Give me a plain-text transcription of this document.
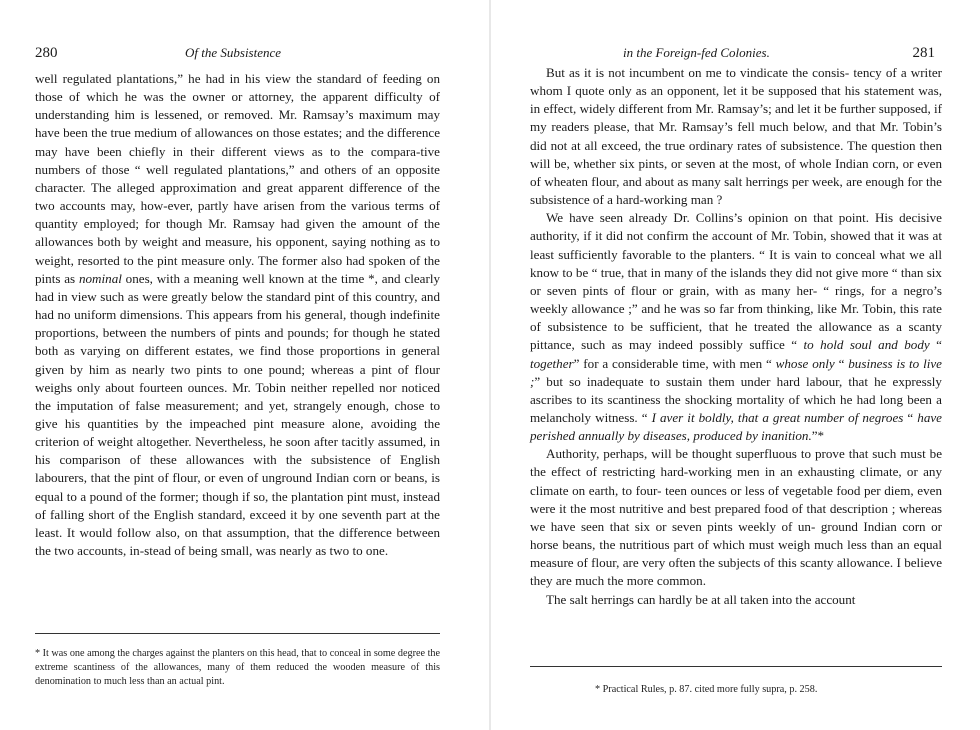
280	Of the Subsistence

well regulated plantations,” he had in his view the standard of feeding on those of which he was the owner or attorney, the apparent difficulty of understanding him is lessened, or removed. Mr. Ramsay’s maximum may have been the true medium of allowances on those estates; and the difference may have been chiefly in their different views as to the compara-tive numbers of those “ well regulated plantations,” and others of an opposite character. The alleged approximation and great apparent difference of the two accounts may, how-ever, partly have arisen from the various terms of quantity employed; for though Mr. Ramsay had given the amount of the allowances both by weight and measure, his opponent, saying nothing as to weight, resorted to the pint measure only. The former also had spoken of the pints as nominal ones, with a meaning well known at the time *, and clearly had in view such as were greatly below the standard pint of this country, and had no uniform dimensions. This appears from his general, though indefinite proportions, between the numbers of pints and pounds; for though he stated both as varying on different estates, we find those proportions in general given by him as nearly two pints to one pound; whereas a pint of flour weighs only about fourteen ounces. Mr. Tobin neither repelled nor noticed the imputation of false measurement; and yet, strangely enough, chose to give his quantities by the impeached pint measure alone, avoiding the criterion of weight altogether. Nevertheless, he soon after tacitly assumed, in his comparison of these allowances with the subsistence of English labourers, that the pint of flour, or even of unground Indian corn or beans, is equal to a pound of the former; though if so, the plantation pint must, instead of falling short of the English standard, exceed it by one seventh part at the least. It would follow also, on that assumption, that the difference between the two accounts, in-stead of being small, was nearly as two to one.

* It was one among the charges against the planters on this head, that to conceal in some degree the extreme scantiness of the allowances, many of them reduced the wooden measure of this denomination to much less than an actual pint.
in the Foreign-fed Colonies.	281

But as it is not incumbent on me to vindicate the consis- tency of a writer whom I quote only as an opponent, let it be supposed that his statement was, in effect, widely different from Mr. Ramsay’s; and let it be further supposed, if my readers please, that Mr. Ramsay’s fell much below, and that Mr. Tobin’s did not at all exceed, the true ordinary rates of subsistence. The question then will be, whether six pints, or seven at the most, of whole Indian corn, or even of wheaten flour, and about as many salt herrings per week, are enough for the subsistence of a hard-working man ?

We have seen already Dr. Collins’s opinion on that point. His decisive authority, if it did not confirm the account of Mr. Tobin, showed that it was at least sufficiently favorable to the planters. “ It is vain to conceal what we all know to be “ true, that in many of the islands they did not give more “ than six or seven pints of flour or grain, with as many her- “ rings, for a negro’s weekly allowance ;” and he was so far from thinking, like Mr. Tobin, this rate of subsistence to be sufficient, that he treated the allowance as a scanty pittance, such as may indeed possibly suffice “ to hold soul and body “ together” for a considerable time, with men “ whose only “ business is to live ;” but so inadequate to sustain them under hard labour, that he expressly ascribes to its scantiness the shocking mortality of which he had long been a melancholy witness. “ I aver it boldly, that a great number of negroes “ have perished annually by diseases, produced by inanition.”*

Authority, perhaps, will be thought superfluous to prove that such must be the effect of restricting hard-working men in an exhausting climate, or any climate on earth, to four- teen ounces or less of vegetable food per diem, even were it the most nutritive and best prepared food of that description ; whereas we have seen that six or seven pints weekly of un- ground Indian corn or horse beans, the nutritious part of which must weigh much less than an equal measure of flour, are very often the subjects of this scanty allowance. I believe they are much the more common.

The salt herrings can hardly be at all taken into the account

* Practical Rules, p. 87. cited more fully supra, p. 258.
